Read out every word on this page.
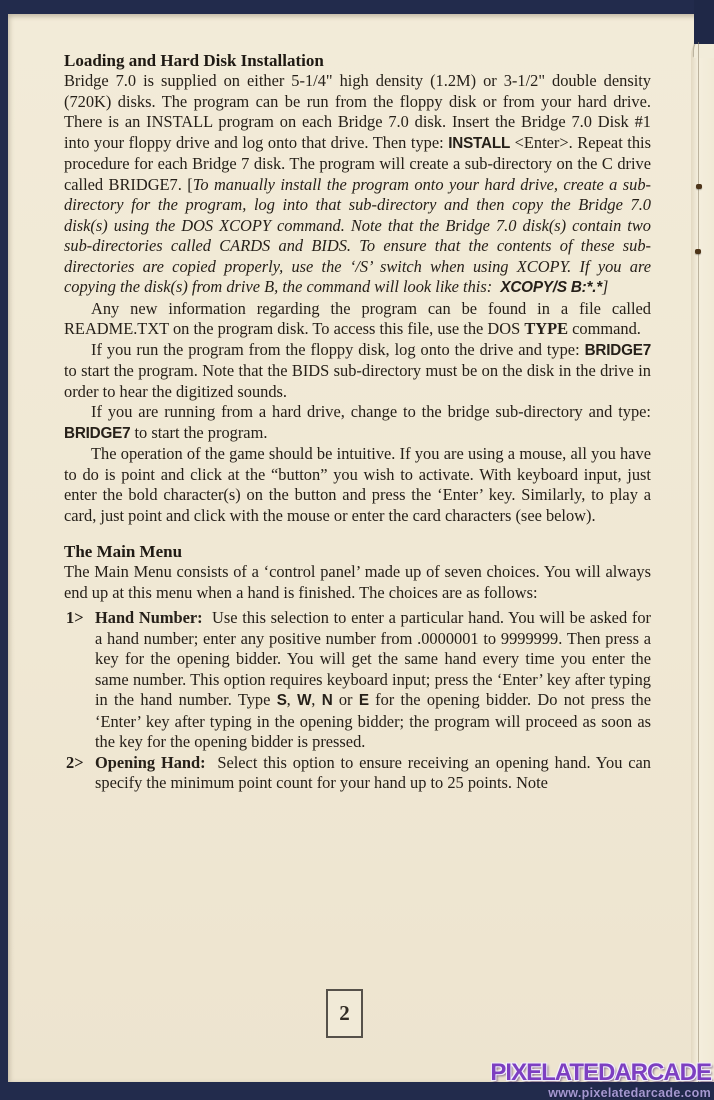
Loading and Hard Disk Installation

Bridge 7.0 is supplied on either 5-1/4" high density (1.2M) or 3-1/2" double density (720K) disks. The program can be run from the floppy disk or from your hard drive. There is an INSTALL program on each Bridge 7.0 disk. Insert the Bridge 7.0 Disk #1 into your floppy drive and log onto that drive. Then type: INSTALL <Enter>. Repeat this procedure for each Bridge 7 disk. The program will create a sub-directory on the C drive called BRIDGE7. [To manually install the program onto your hard drive, create a sub-directory for the program, log into that sub-directory and then copy the Bridge 7.0 disk(s) using the DOS XCOPY command. Note that the Bridge 7.0 disk(s) contain two sub-directories called CARDS and BIDS. To ensure that the contents of these sub-directories are copied properly, use the ‘/S’ switch when using XCOPY. If you are copying the disk(s) from drive B, the command will look like this:  XCOPY/S B:*.*]

Any new information regarding the program can be found in a file called README.TXT on the program disk. To access this file, use the DOS TYPE command.

If you run the program from the floppy disk, log onto the drive and type: BRIDGE7 to start the program. Note that the BIDS sub-directory must be on the disk in the drive in order to hear the digitized sounds.

If you are running from a hard drive, change to the bridge sub-directory and type: BRIDGE7 to start the program.

The operation of the game should be intuitive. If you are using a mouse, all you have to do is point and click at the “button” you wish to activate. With keyboard input, just enter the bold character(s) on the button and press the ‘Enter’ key. Similarly, to play a card, just point and click with the mouse or enter the card characters (see below).

The Main Menu

The Main Menu consists of a ‘control panel’ made up of seven choices. You will always end up at this menu when a hand is finished. The choices are as follows:

1> Hand Number:  Use this selection to enter a particular hand. You will be asked for a hand number; enter any positive number from .0000001 to 9999999. Then press a key for the opening bidder. You will get the same hand every time you enter the same number. This option requires keyboard input; press the ‘Enter’ key after typing in the hand number. Type S, W, N or E for the opening bidder. Do not press the ‘Enter’ key after typing in the opening bidder; the program will proceed as soon as the key for the opening bidder is pressed.
2> Opening Hand:  Select this option to ensure receiving an opening hand. You can specify the minimum point count for your hand up to 25 points. Note
2
PIXELATEDARCADE
www.pixelatedarcade.com
